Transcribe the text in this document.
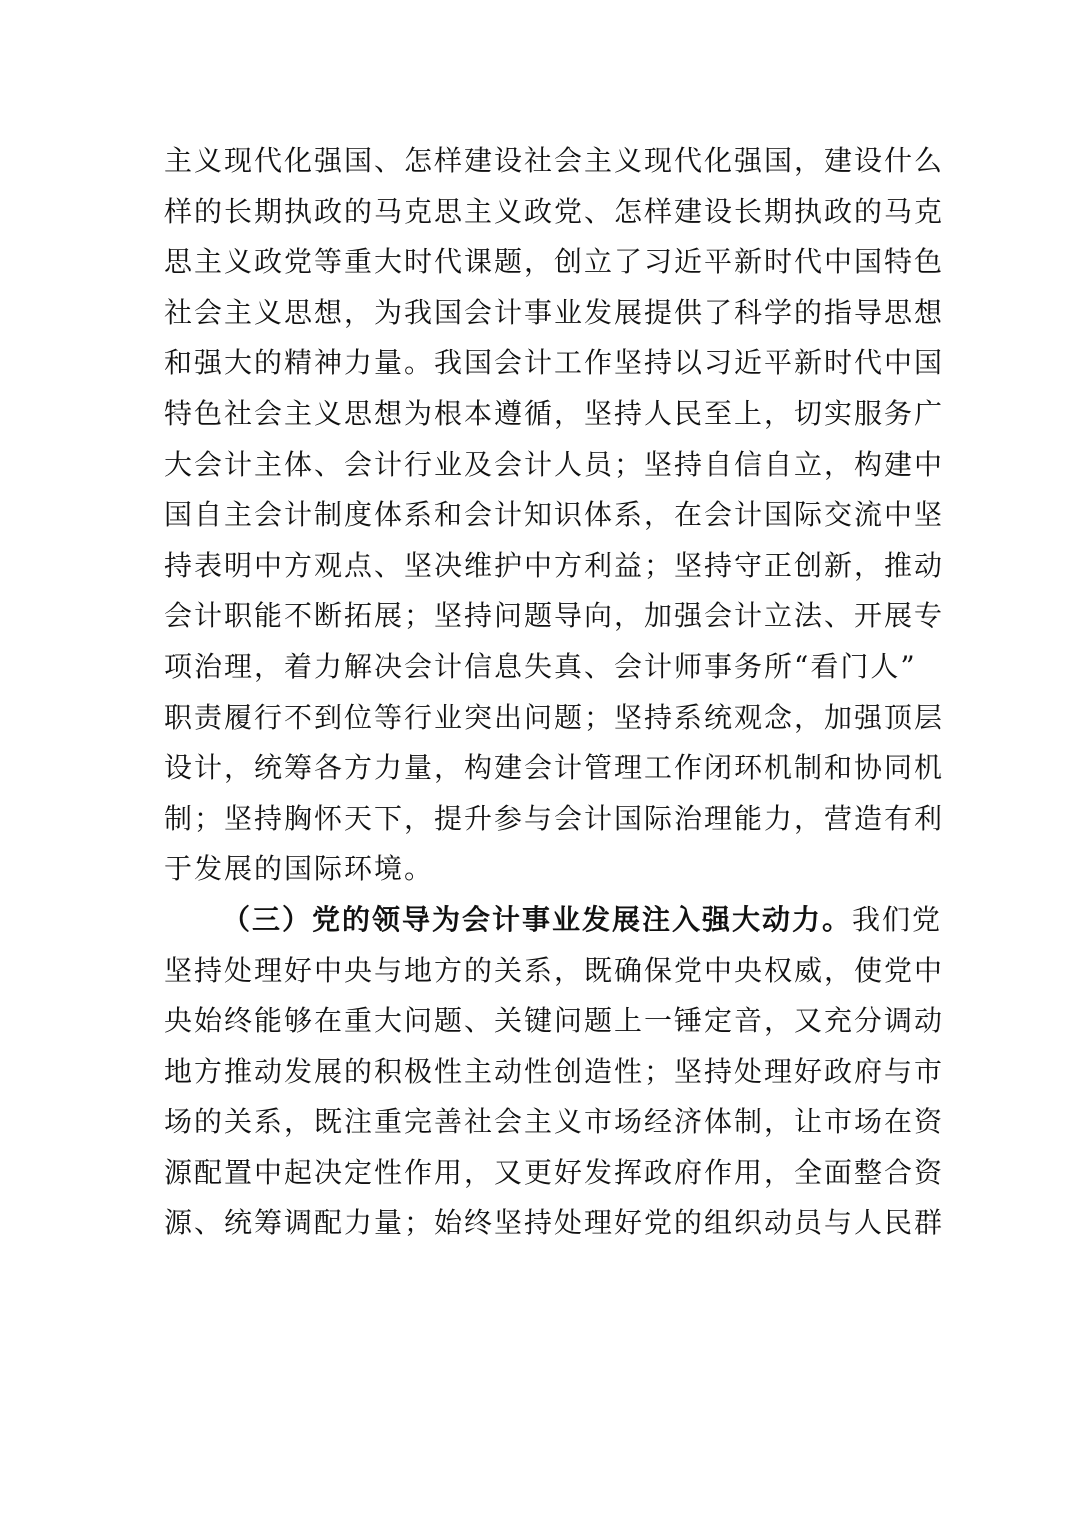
主义现代化强国、怎样建设社会主义现代化强国，建设什么
样的长期执政的马克思主义政党、怎样建设长期执政的马克
思主义政党等重大时代课题，创立了习近平新时代中国特色
社会主义思想，为我国会计事业发展提供了科学的指导思想
和强大的精神力量。我国会计工作坚持以习近平新时代中国
特色社会主义思想为根本遵循，坚持人民至上，切实服务广
大会计主体、会计行业及会计人员；坚持自信自立，构建中
国自主会计制度体系和会计知识体系，在会计国际交流中坚
持表明中方观点、坚决维护中方利益；坚持守正创新，推动
会计职能不断拓展；坚持问题导向，加强会计立法、开展专
项治理，着力解决会计信息失真、会计师事务所“看门人”
职责履行不到位等行业突出问题；坚持系统观念，加强顶层
设计，统筹各方力量，构建会计管理工作闭环机制和协同机
制；坚持胸怀天下，提升参与会计国际治理能力，营造有利
于发展的国际环境。
（三）党的领导为会计事业发展注入强大动力。我们党
坚持处理好中央与地方的关系，既确保党中央权威，使党中
央始终能够在重大问题、关键问题上一锤定音，又充分调动
地方推动发展的积极性主动性创造性；坚持处理好政府与市
场的关系，既注重完善社会主义市场经济体制，让市场在资
源配置中起决定性作用，又更好发挥政府作用，全面整合资
源、统筹调配力量；始终坚持处理好党的组织动员与人民群
